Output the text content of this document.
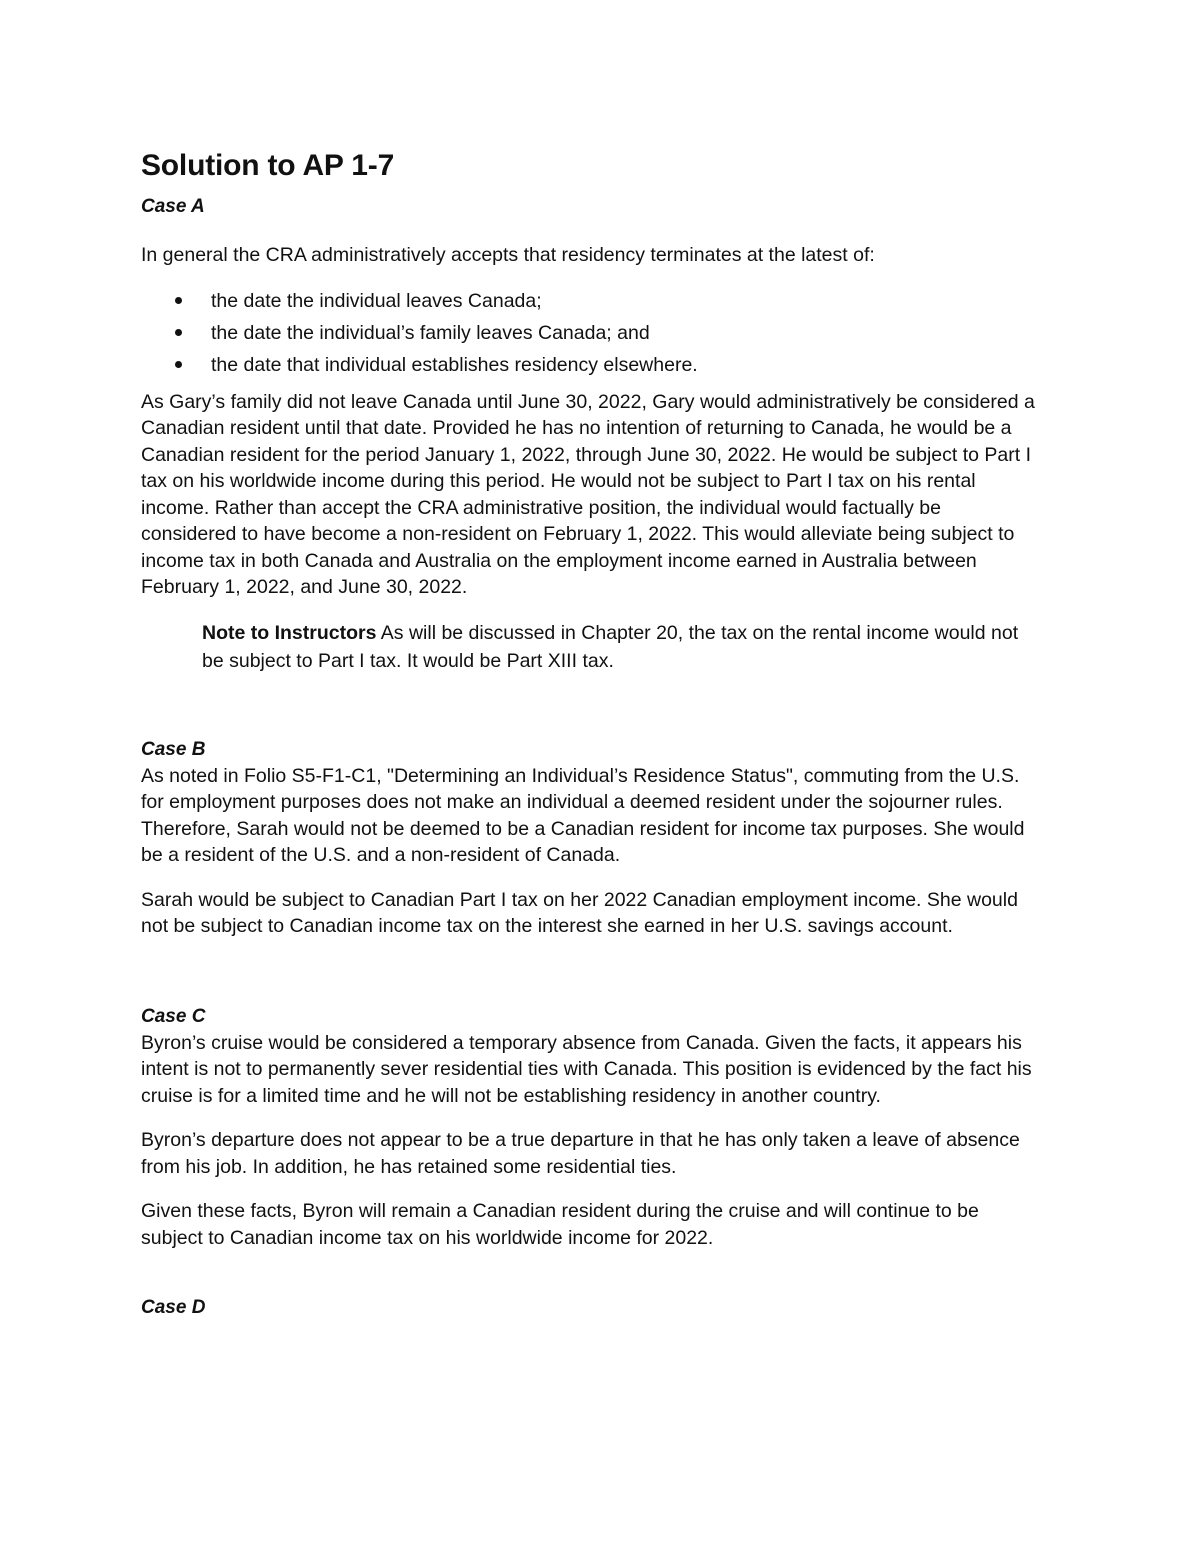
Solution to AP 1-7
Case A

In general the CRA administratively accepts that residency terminates at the latest of:

the date the individual leaves Canada;
the date the individual’s family leaves Canada; and
the date that individual establishes residency elsewhere.

As Gary’s family did not leave Canada until June 30, 2022, Gary would administratively be considered a Canadian resident until that date. Provided he has no intention of returning to Canada, he would be a Canadian resident for the period January 1, 2022, through June 30, 2022. He would be subject to Part I tax on his worldwide income during this period. He would not be subject to Part I tax on his rental income. Rather than accept the CRA administrative position, the individual would factually be considered to have become a non-resident on February 1, 2022. This would alleviate being subject to income tax in both Canada and Australia on the employment income earned in Australia between February 1, 2022, and June 30, 2022.

Note to Instructors As will be discussed in Chapter 20, the tax on the rental income would not be subject to Part I tax. It would be Part XIII tax.

Case B

As noted in Folio S5-F1-C1, "Determining an Individual’s Residence Status", commuting from the U.S. for employment purposes does not make an individual a deemed resident under the sojourner rules. Therefore, Sarah would not be deemed to be a Canadian resident for income tax purposes. She would be a resident of the U.S. and a non-resident of Canada.

Sarah would be subject to Canadian Part I tax on her 2022 Canadian employment income. She would not be subject to Canadian income tax on the interest she earned in her U.S. savings account.

Case C

Byron’s cruise would be considered a temporary absence from Canada. Given the facts, it appears his intent is not to permanently sever residential ties with Canada. This position is evidenced by the fact his cruise is for a limited time and he will not be establishing residency in another country.

Byron’s departure does not appear to be a true departure in that he has only taken a leave of absence from his job. In addition, he has retained some residential ties.

Given these facts, Byron will remain a Canadian resident during the cruise and will continue to be subject to Canadian income tax on his worldwide income for 2022.

Case D
